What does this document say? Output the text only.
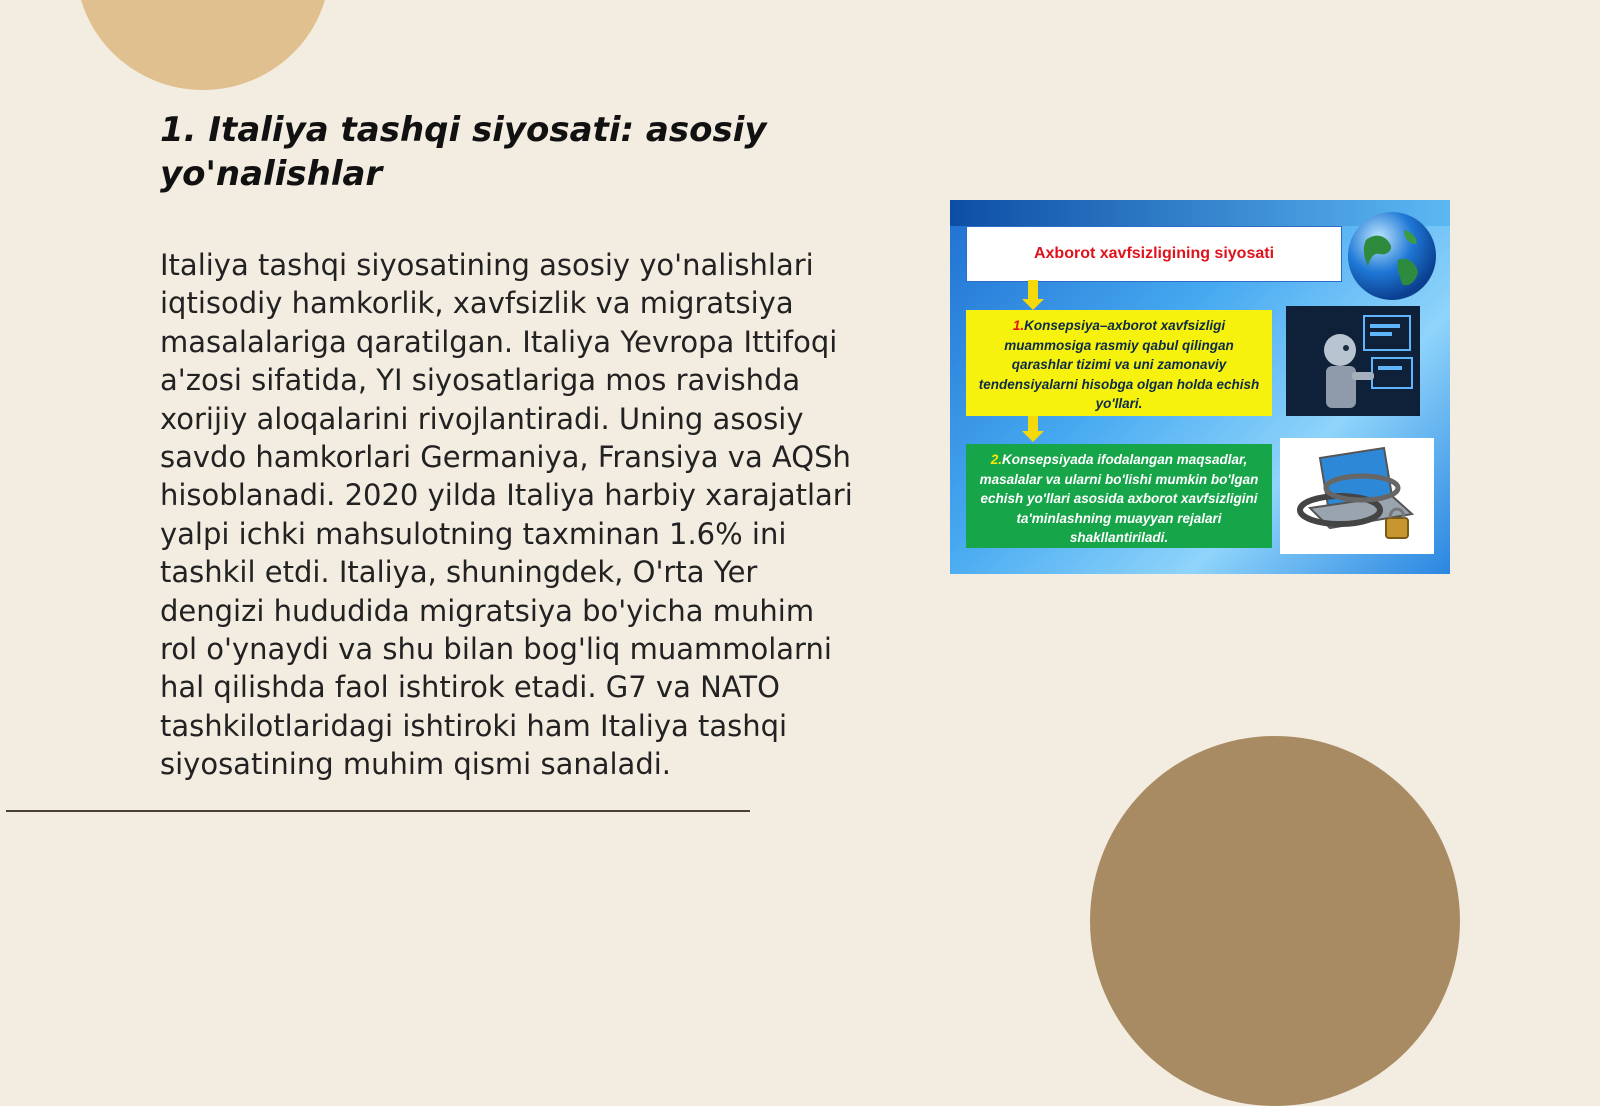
1. Italiya tashqi siyosati: asosiy yo'nalishlar

Italiya tashqi siyosatining asosiy yo'nalishlari iqtisodiy hamkorlik, xavfsizlik va migratsiya masalalariga qaratilgan. Italiya Yevropa Ittifoqi a'zosi sifatida, YI siyosatlariga mos ravishda xorijiy aloqalarini rivojlantiradi. Uning asosiy savdo hamkorlari Germaniya, Fransiya va AQSh hisoblanadi. 2020 yilda Italiya harbiy xarajatlari yalpi ichki mahsulotning taxminan 1.6% ini tashkil etdi. Italiya, shuningdek, O'rta Yer dengizi hududida migratsiya bo'yicha muhim rol o'ynaydi va shu bilan bog'liq muammolarni hal qilishda faol ishtirok etadi. G7 va NATO tashkilotlaridagi ishtiroki ham Italiya tashqi siyosatining muhim qismi sanaladi.

Axborot xavfsizligining siyosati
1.Konsepsiya–axborot xavfsizligi muammosiga rasmiy qabul qilingan qarashlar tizimi va uni zamonaviy tendensiyalarni hisobga olgan holda echish yo'llari.
2.Konsepsiyada ifodalangan maqsadlar, masalalar va ularni bo'lishi mumkin bo'lgan echish yo'llari asosida axborot xavfsizligini ta'minlashning muayyan rejalari shakllantiriladi.
